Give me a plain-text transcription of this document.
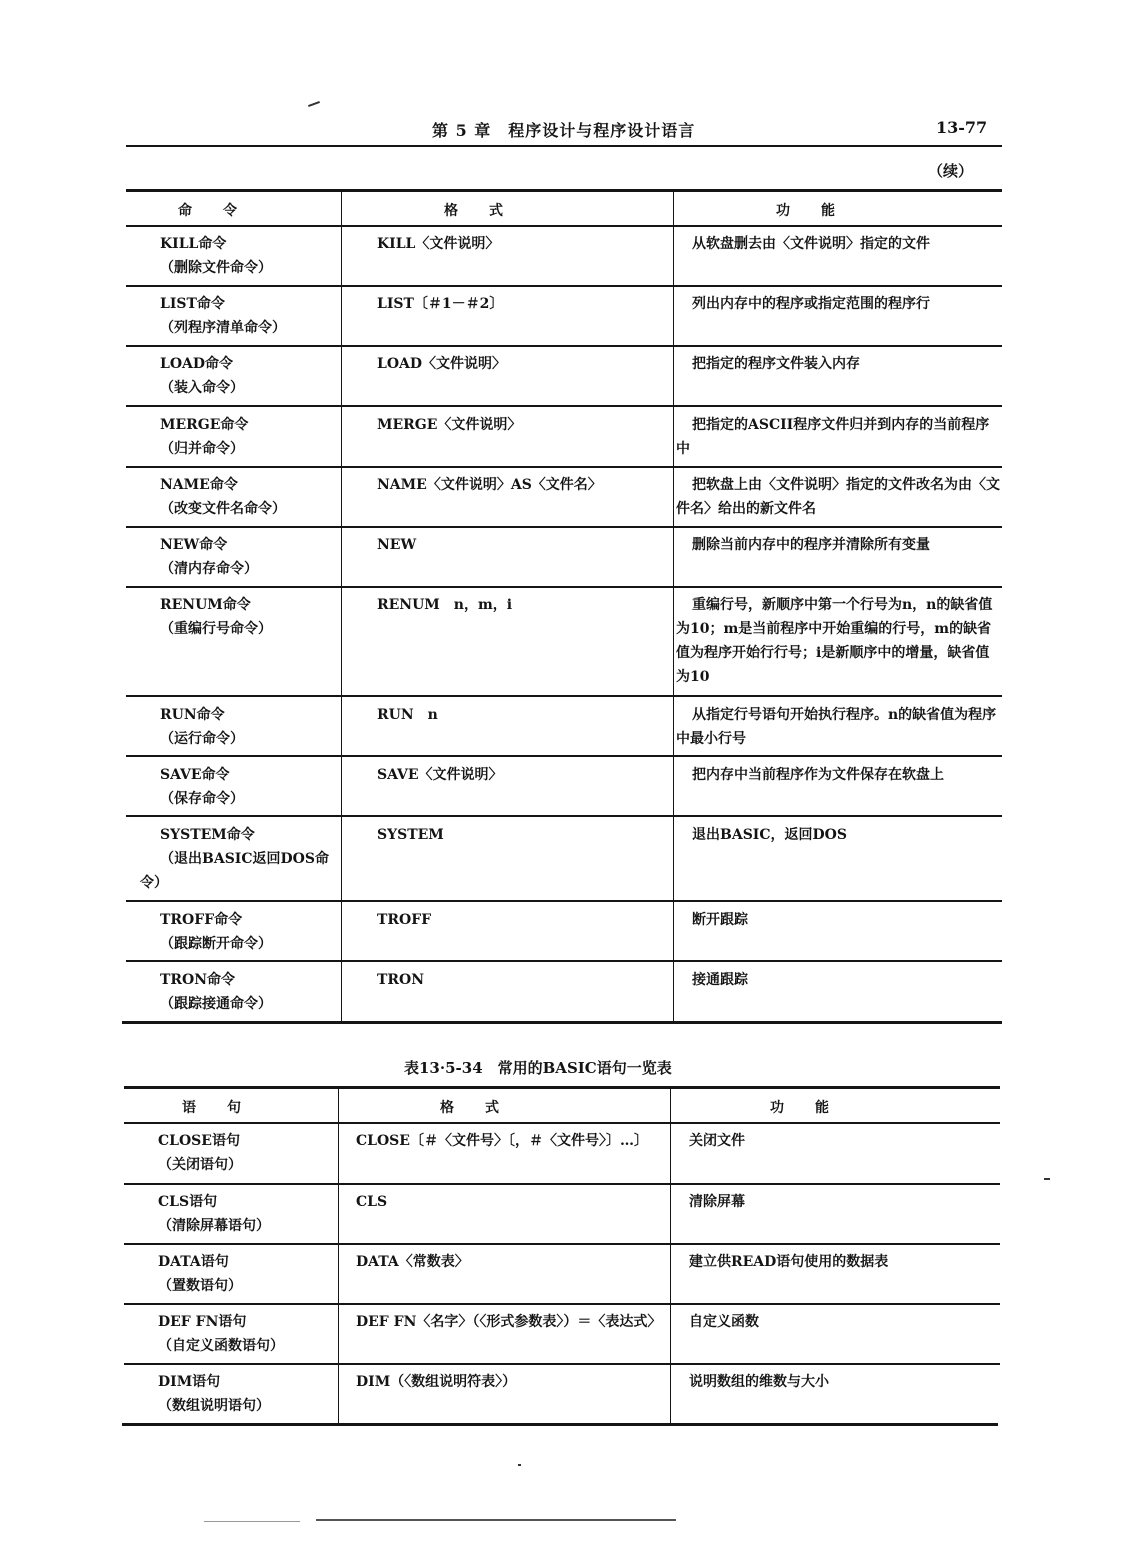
第 5 章　程序设计与程序设计语言	13-77
（续）
命　　令	格　　式	功　　能
KILL命令
（删除文件命令）
KILL〈文件说明〉	从软盘删去由〈文件说明〉指定的文件
LIST命令
（列程序清单命令）
LIST〔＃1－＃2〕	列出内存中的程序或指定范围的程序行
LOAD命令
（装入命令）
LOAD〈文件说明〉	把指定的程序文件装入内存
MERGE命令
（归并命令）
MERGE〈文件说明〉	把指定的ASCII程序文件归并到内存的当前程序中
NAME命令
（改变文件名命令）
NAME〈文件说明〉AS〈文件名〉	把软盘上由〈文件说明〉指定的文件改名为由〈文件名〉给出的新文件名
NEW命令
（清内存命令）
NEW	删除当前内存中的程序并清除所有变量
RENUM命令
（重编行号命令）
RENUM　n，m，i	重编行号，新顺序中第一个行号为n，n的缺省值为10；m是当前程序中开始重编的行号，m的缺省值为程序开始行行号；i是新顺序中的增量，缺省值为10
RUN命令
（运行命令）
RUN　n	从指定行号语句开始执行程序。n的缺省值为程序中最小行号
SAVE命令
（保存命令）
SAVE〈文件说明〉	把内存中当前程序作为文件保存在软盘上
SYSTEM命令
（退出BASIC返回DOS命令）
SYSTEM	退出BASIC，返回DOS
TROFF命令
（跟踪断开命令）
TROFF	断开跟踪
TRON命令
（跟踪接通命令）
TRON	接通跟踪
表13·5-34　常用的BASIC语句一览表
语　　句	格　　式	功　　能
CLOSE语句
（关闭语句）
CLOSE〔＃〈文件号〉〔，＃〈文件号〉〕…〕	关闭文件
CLS语句
（清除屏幕语句）
CLS	清除屏幕
DATA语句
（置数语句）
DATA〈常数表〉	建立供READ语句使用的数据表
DEF FN语句
（自定义函数语句）
DEF FN〈名字〉（〈形式参数表〉）＝〈表达式〉	自定义函数
DIM语句
（数组说明语句）
DIM（〈数组说明符表〉）	说明数组的维数与大小
